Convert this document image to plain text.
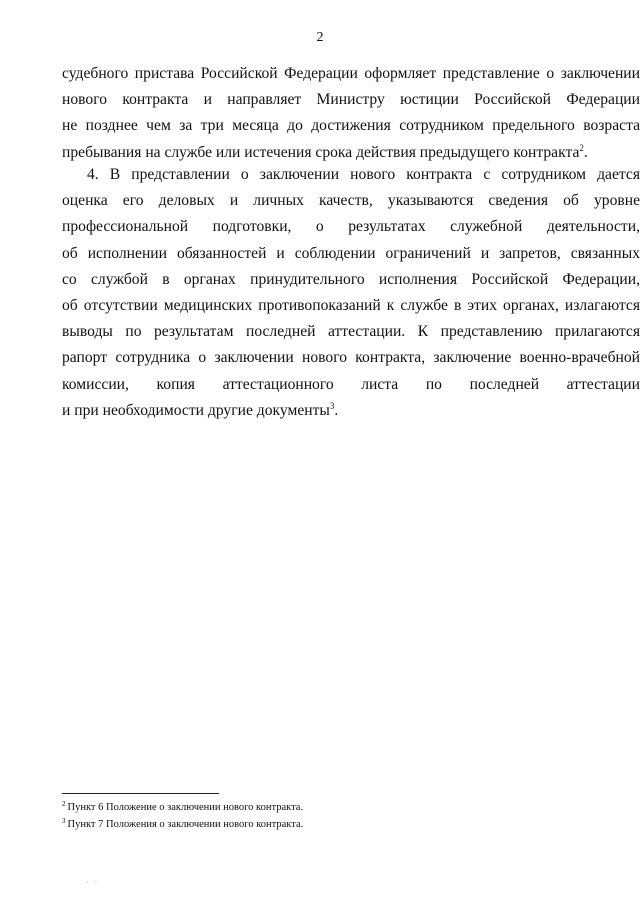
2
судебного пристава Российской Федерации оформляет представление о заключении
нового контракта и направляет Министру юстиции Российской Федерации
не позднее чем за три месяца до достижения сотрудником предельного возраста
пребывания на службе или истечения срока действия предыдущего контракта$^2$.
4. В представлении о заключении нового контракта с сотрудником дается
оценка его деловых и личных качеств, указываются сведения об уровне
профессиональной подготовки, о результатах служебной деятельности,
об исполнении обязанностей и соблюдении ограничений и запретов, связанных
со службой в органах принудительного исполнения Российской Федерации,
об отсутствии медицинских противопоказаний к службе в этих органах, излагаются
выводы по результатам последней аттестации. К представлению прилагаются
рапорт сотрудника о заключении нового контракта, заключение военно-врачебной
комиссии, копия аттестационного листа по последней аттестации
и при необходимости другие документы$^3$.
$^2$ Пункт 6 Положение о заключении нового контракта.
$^3$ Пункт 7 Положения о заключении нового контракта.
· ·
